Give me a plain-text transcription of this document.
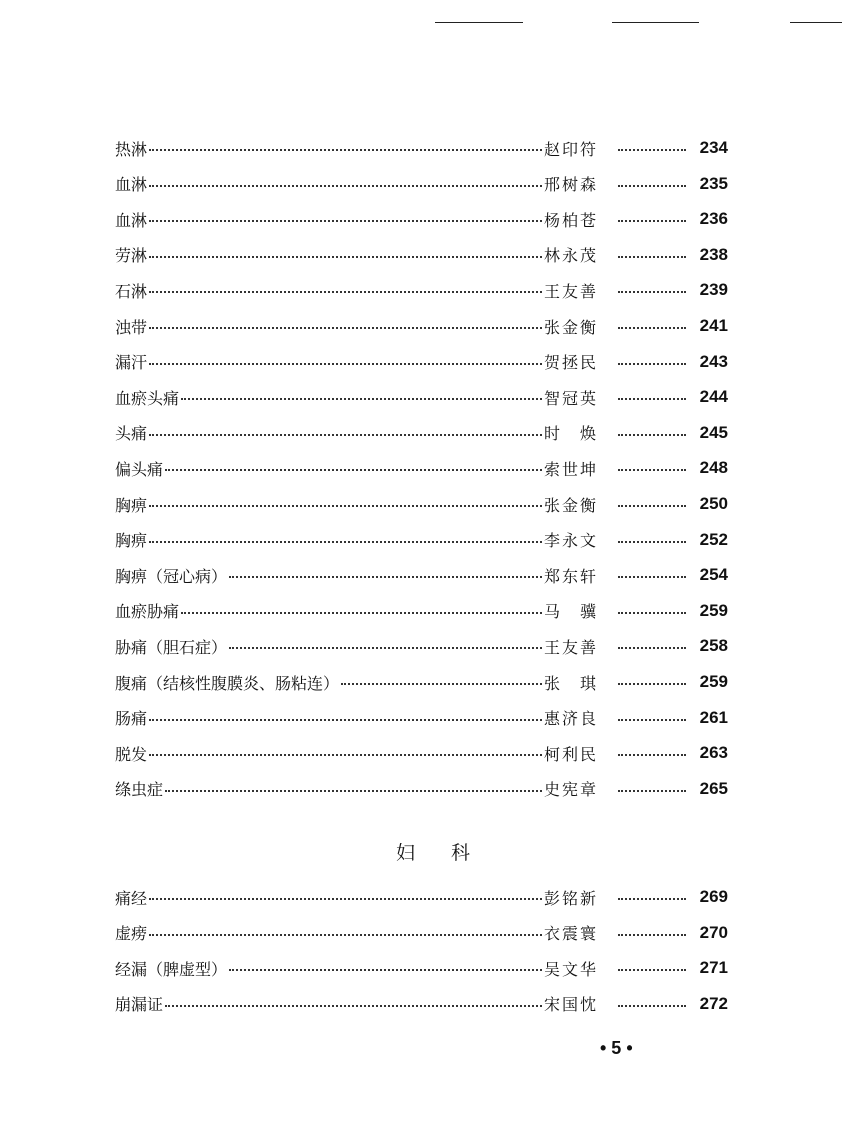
热淋	赵印符	234
血淋	邢树森	235
血淋	杨柏苍	236
劳淋	林永茂	238
石淋	王友善	239
浊带	张金衡	241
漏汗	贺拯民	243
血瘀头痛	智冠英	244
头痛	时　焕	245
偏头痛	索世坤	248
胸痹	张金衡	250
胸痹	李永文	252
胸痹（冠心病）	郑东轩	254
血瘀胁痛	马　骥	259
胁痛（胆石症）	王友善	258
腹痛（结核性腹膜炎、肠粘连）	张　琪	259
肠痛	惠济良	261
脱发	柯利民	263
绦虫症	史宪章	265
妇科
痛经	彭铭新	269
虚痨	衣震寰	270
经漏（脾虚型）	吴文华	271
崩漏证	宋国忱	272
• 5 •
